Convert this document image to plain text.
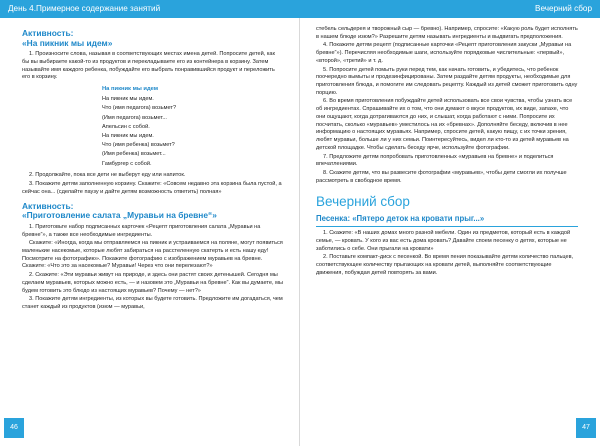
День 4.Примерное содержание занятий
Активность:
«На пикник мы идем»

1. Произносите слова, называя в соответствующих местах имена детей. Попросите детей, как бы вы выбираете какой-то из продуктов и перекладываете его из контейнера в корзину. Затем называйте имя каждого ребенка, побуждайте его выбрать понравившийся продукт и переложить его в корзину.

На пикник мы идем
На пикник мы идем.
Что (имя педагога) возьмет?
(Имя педагога) возьмет...
Апельсин с собой.
На пикник мы идем.
Что (имя ребенка) возьмет?
(Имя ребенка) возьмет...
Гамбургер с собой.

2. Продолжайте, пока все дети не выберут еду или напиток.

3. Покажите детям заполненную корзину. Скажите: «Совсем недавно эта корзина была пустой, а сейчас она... (сделайте паузу и дайте детям возможность ответить) полная»

Активность:
«Приготовление салата „Муравьи на бревне“»

1. Приготовьте набор подписанных карточек «Рецепт приготовления салата „Муравьи на бревне“», а также все необходимые ингредиенты.

Скажите: «Иногда, когда мы отправляемся на пикник и устраиваемся на поляне, могут появиться маленькие насекомые, которые любят забираться на расстеленную скатерть и есть нашу еду! Посмотрите на фотографию». Покажите фотографию с изображением муравьев на бревне. Скажите: «Что это за насекомые? Муравьи! Через что они перелезают?»

2. Скажите: «Эти муравьи живут на природе, и здесь они растят своих детенышей. Сегодня мы сделаем муравьев, которых можно есть, — и назовем это „Муравьи на бревне“. Как вы думаете, мы будем готовить это блюдо из настоящих муравьев? Почему — нет?»

3. Покажите детям ингредиенты, из которых вы будете готовить. Предложите им догадаться, чем станет каждый из продуктов (изюм — муравьи,

46
Вечерний сбор

стебель сельдерея и творожный сыр — бревно). Например, спросите: «Какую роль будет исполнять в нашем блюде изюм?» Разрешите детям называть ингредиенты и выдвигать предположения.

4. Покажите детям рецепт (подписанные карточки «Рецепт приготовления закуски „Муравьи на бревне“»). Перечисляя необходимые шаги, используйте порядковые числительные: «первый», «второй», «третий» и т. д.

5. Попросите детей помыть руки перед тем, как начать готовить, и убедитесь, что ребенок поочередно вымыты и продезинфицированы. Затем раздайте детям продукты, необходимые для приготовления блюда, и помогите им следовать рецепту. Каждый из детей сможет приготовить одну порцию.

6. Во время приготовления побуждайте детей использовать все свои чувства, чтобы узнать все об ингредиентах. Спрашивайте их о том, что они думают о вкусе продуктов, их виде, запахе, что они ощущают, когда дотрагиваются до них, и слышат, когда работают с ними. Попросите их посчитать, сколько «муравьев» уместилось на их «бревнах». Дополняйте беседу, включив в нее информацию о настоящих муравьях. Например, спросите детей, какую пищу, с их точки зрения, любят муравьи, больше ли у них семьи. Поинтересуйтесь, видел ли кто-то из детей муравьев на детской площадке. Чтобы сделать беседу ярче, используйте фотографии.

7. Предложите детям попробовать приготовленных «муравьев на бревне» и поделиться впечатлениями.

8. Скажите детям, что вы развесите фотографии «муравьев», чтобы дети смогли их получше рассмотреть в свободное время.

Вечерний сбор
Песенка: «Пятеро деток на кровати прыг...»

1. Скажите: «В наших домах много разной мебели. Один из предметов, который есть в каждой семье, — кровать. У кого из вас есть дома кровать? Давайте споем песенку о детях, которые не заботились о себе. Они прыгали на кровати»

2. Поставьте компакт-диск с песенкой. Во время пения показывайте детям количество пальцев, соответствующее количеству прыгающих на кровати детей, выполняйте соответствующие движения, побуждая детей повторять за вами.

47
